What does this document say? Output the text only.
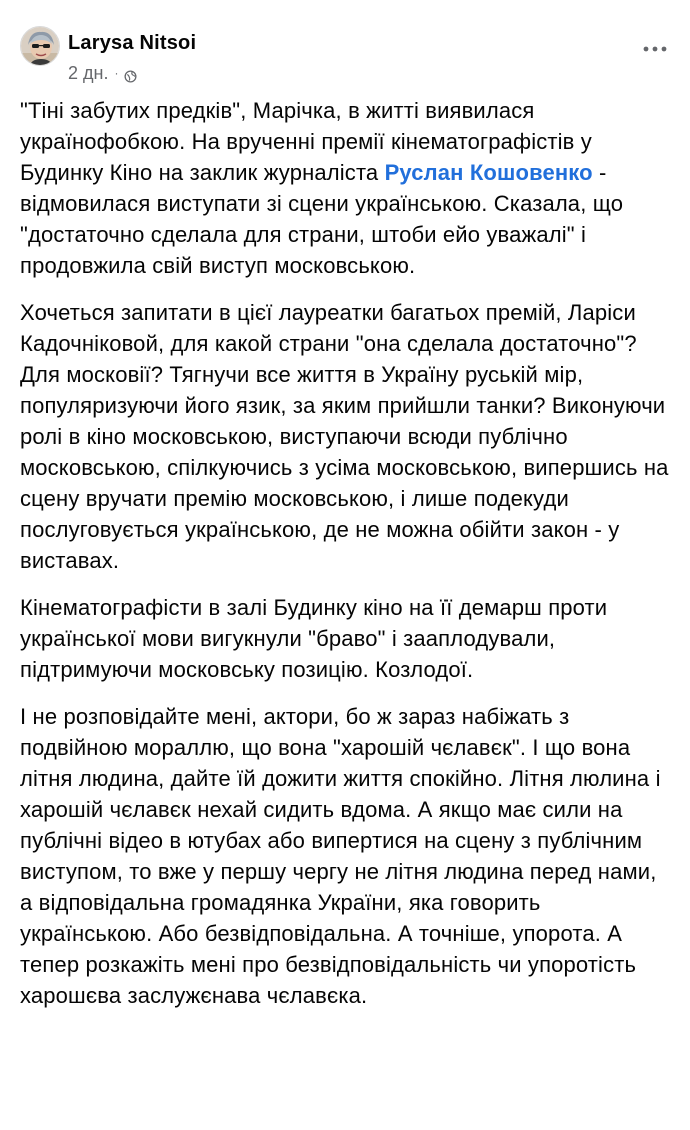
Larysa Nitsoi
2 дн. ·

"Тіні забутих предків", Марічка, в житті виявилася українофобкою. На врученні премії кінематографістів у Будинку Кіно на заклик журналіста Руслан Кошовенко - відмовилася виступати зі сцени українською. Сказала, що "достаточно сделала для страни, штоби ейо уважалі" і продовжила свій виступ московською.

Хочеться запитати в цієї лауреатки багатьох премій, Ларіси Кадочніковой, для какой страни "она сделала достаточно"? Для московії? Тягнучи все життя в Україну руській мір, популяризуючи його язик, за яким прийшли танки? Виконуючи ролі в кіно московською, виступаючи всюди публічно московською, спілкуючись з усіма московською, випершись на сцену вручати премію московською, і лише подекуди послуговується українською, де не можна обійти закон - у виставах.

Кінематографісти в залі Будинку кіно на її демарш проти української мови вигукнули "браво" і зааплодували, підтримуючи московську позицію. Козлодої.

І не розповідайте мені, актори, бо ж зараз набіжать з подвійною мораллю, що вона "харошій чєлавєк". І що вона літня людина, дайте їй дожити життя спокійно. Літня люлина і харошій чєлавєк нехай сидить вдома. А якщо має сили на публічні відео в ютубах або випертися на сцену з публічним виступом, то вже у першу чергу не літня людина перед нами, а відповідальна громадянка України, яка говорить українською. Або безвідповідальна. А точніше, упорота. А тепер розкажіть мені про безвідповідальність чи упоротість харошєва заслужєнава чєлавєка.
